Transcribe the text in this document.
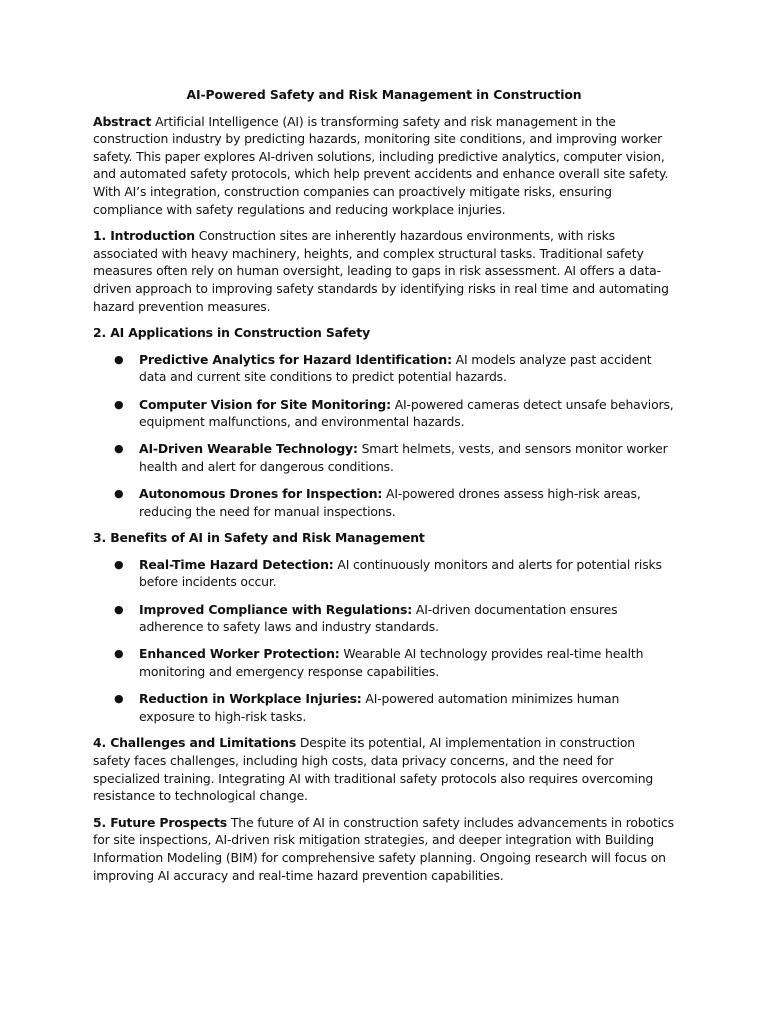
AI-Powered Safety and Risk Management in Construction

Abstract Artificial Intelligence (AI) is transforming safety and risk management in the construction industry by predicting hazards, monitoring site conditions, and improving worker safety. This paper explores AI-driven solutions, including predictive analytics, computer vision, and automated safety protocols, which help prevent accidents and enhance overall site safety. With AI’s integration, construction companies can proactively mitigate risks, ensuring compliance with safety regulations and reducing workplace injuries.

1. Introduction Construction sites are inherently hazardous environments, with risks associated with heavy machinery, heights, and complex structural tasks. Traditional safety measures often rely on human oversight, leading to gaps in risk assessment. AI offers a data-driven approach to improving safety standards by identifying risks in real time and automating hazard prevention measures.

2. AI Applications in Construction Safety
● Predictive Analytics for Hazard Identification: AI models analyze past accident data and current site conditions to predict potential hazards.
● Computer Vision for Site Monitoring: AI-powered cameras detect unsafe behaviors, equipment malfunctions, and environmental hazards.
● AI-Driven Wearable Technology: Smart helmets, vests, and sensors monitor worker health and alert for dangerous conditions.
● Autonomous Drones for Inspection: AI-powered drones assess high-risk areas, reducing the need for manual inspections.
3. Benefits of AI in Safety and Risk Management
● Real-Time Hazard Detection: AI continuously monitors and alerts for potential risks before incidents occur.
● Improved Compliance with Regulations: AI-driven documentation ensures adherence to safety laws and industry standards.
● Enhanced Worker Protection: Wearable AI technology provides real-time health monitoring and emergency response capabilities.
● Reduction in Workplace Injuries: AI-powered automation minimizes human exposure to high-risk tasks.

4. Challenges and Limitations Despite its potential, AI implementation in construction safety faces challenges, including high costs, data privacy concerns, and the need for specialized training. Integrating AI with traditional safety protocols also requires overcoming resistance to technological change.

5. Future Prospects The future of AI in construction safety includes advancements in robotics for site inspections, AI-driven risk mitigation strategies, and deeper integration with Building Information Modeling (BIM) for comprehensive safety planning. Ongoing research will focus on improving AI accuracy and real-time hazard prevention capabilities.
